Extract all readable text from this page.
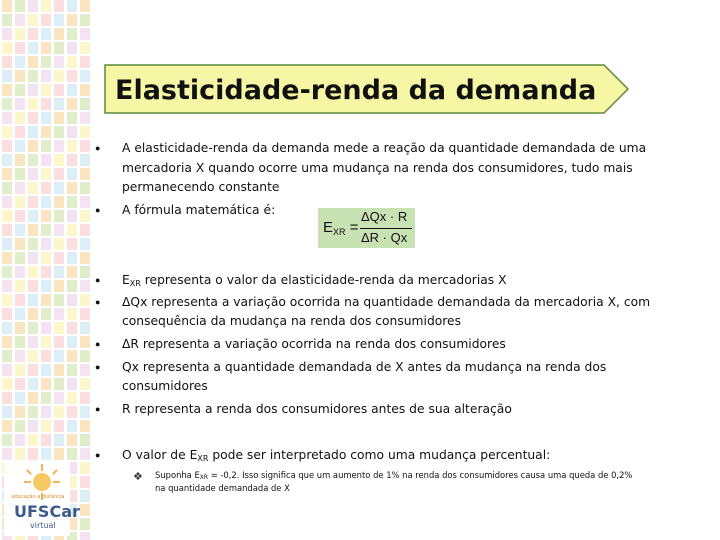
Elasticidade-renda da demanda
● A elasticidade-renda da demanda mede a reação da quantidade demandada de uma
mercadoria X quando ocorre uma mudança na renda dos consumidores, tudo mais
permanecendo constante
● A fórmula matemática é:
$E_{XR}$ =
ΔQx · R
ΔR · Qx
● $E_{XR}$ representa o valor da elasticidade-renda da mercadorias X
● ΔQx representa a variação ocorrida na quantidade demandada da mercadoria X, com
consequência da mudança na renda dos consumidores
● ΔR representa a variação ocorrida na renda dos consumidores
● Qx representa a quantidade demandada de X antes da mudança na renda dos
consumidores
● R representa a renda dos consumidores antes de sua alteração
● O valor de $E_{XR}$ pode ser interpretado como uma mudança percentual:
❖ Suponha $E_{XR} = -0,2$. Isso significa que um aumento de 1% na renda dos consumidores causa uma queda de 0,2%
na quantidade demandada de X
educação a distância
UFSCar
virtual
